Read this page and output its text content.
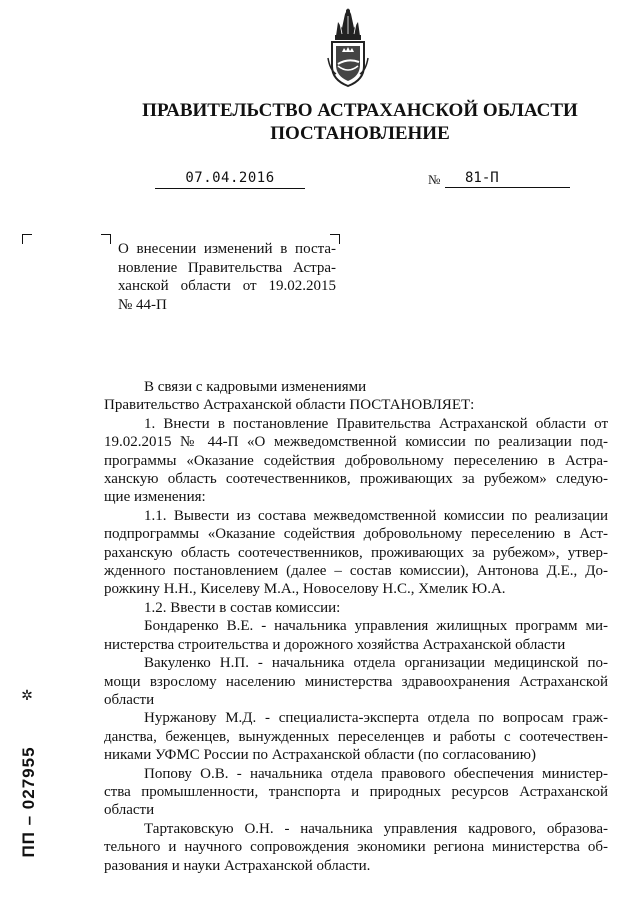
ПРАВИТЕЛЬСТВО АСТРАХАНСКОЙ ОБЛАСТИ
ПОСТАНОВЛЕНИЕ
07.04.2016	№	81-П

О внесении изменений в поста-
новление Правительства Астра-
ханской области от 19.02.2015
№ 44-П

В связи с кадровыми изменениями
Правительство Астраханской области ПОСТАНОВЛЯЕТ:
1. Внести в постановление Правительства Астраханской области от
19.02.2015 № 44-П «О межведомственной комиссии по реализации под-
программы «Оказание содействия добровольному переселению в Астра-
ханскую область соотечественников, проживающих за рубежом» следую-
щие изменения:
1.1. Вывести из состава межведомственной комиссии по реализации
подпрограммы «Оказание содействия добровольному переселению в Аст-
раханскую область соотечественников, проживающих за рубежом», утвер-
жденного постановлением (далее – состав комиссии), Антонова Д.Е., До-
рожкину Н.Н., Киселеву М.А., Новоселову Н.С., Хмелик Ю.А.
1.2. Ввести в состав комиссии:
Бондаренко В.Е. - начальника управления жилищных программ ми-
нистерства строительства и дорожного хозяйства Астраханской области
Вакуленко Н.П. - начальника отдела организации медицинской по-
мощи взрослому населению министерства здравоохранения Астраханской
области
Нуржанову М.Д. - специалиста-эксперта отдела по вопросам граж-
данства, беженцев, вынужденных переселенцев и работы с соотечествен-
никами УФМС России по Астраханской области (по согласованию)
Попову О.В. - начальника отдела правового обеспечения министер-
ства промышленности, транспорта и природных ресурсов Астраханской
области
Тартаковскую О.Н. - начальника управления кадрового, образова-
тельного и научного сопровождения экономики региона министерства об-
разования и науки Астраханской области.
✲
ПП – 027955
